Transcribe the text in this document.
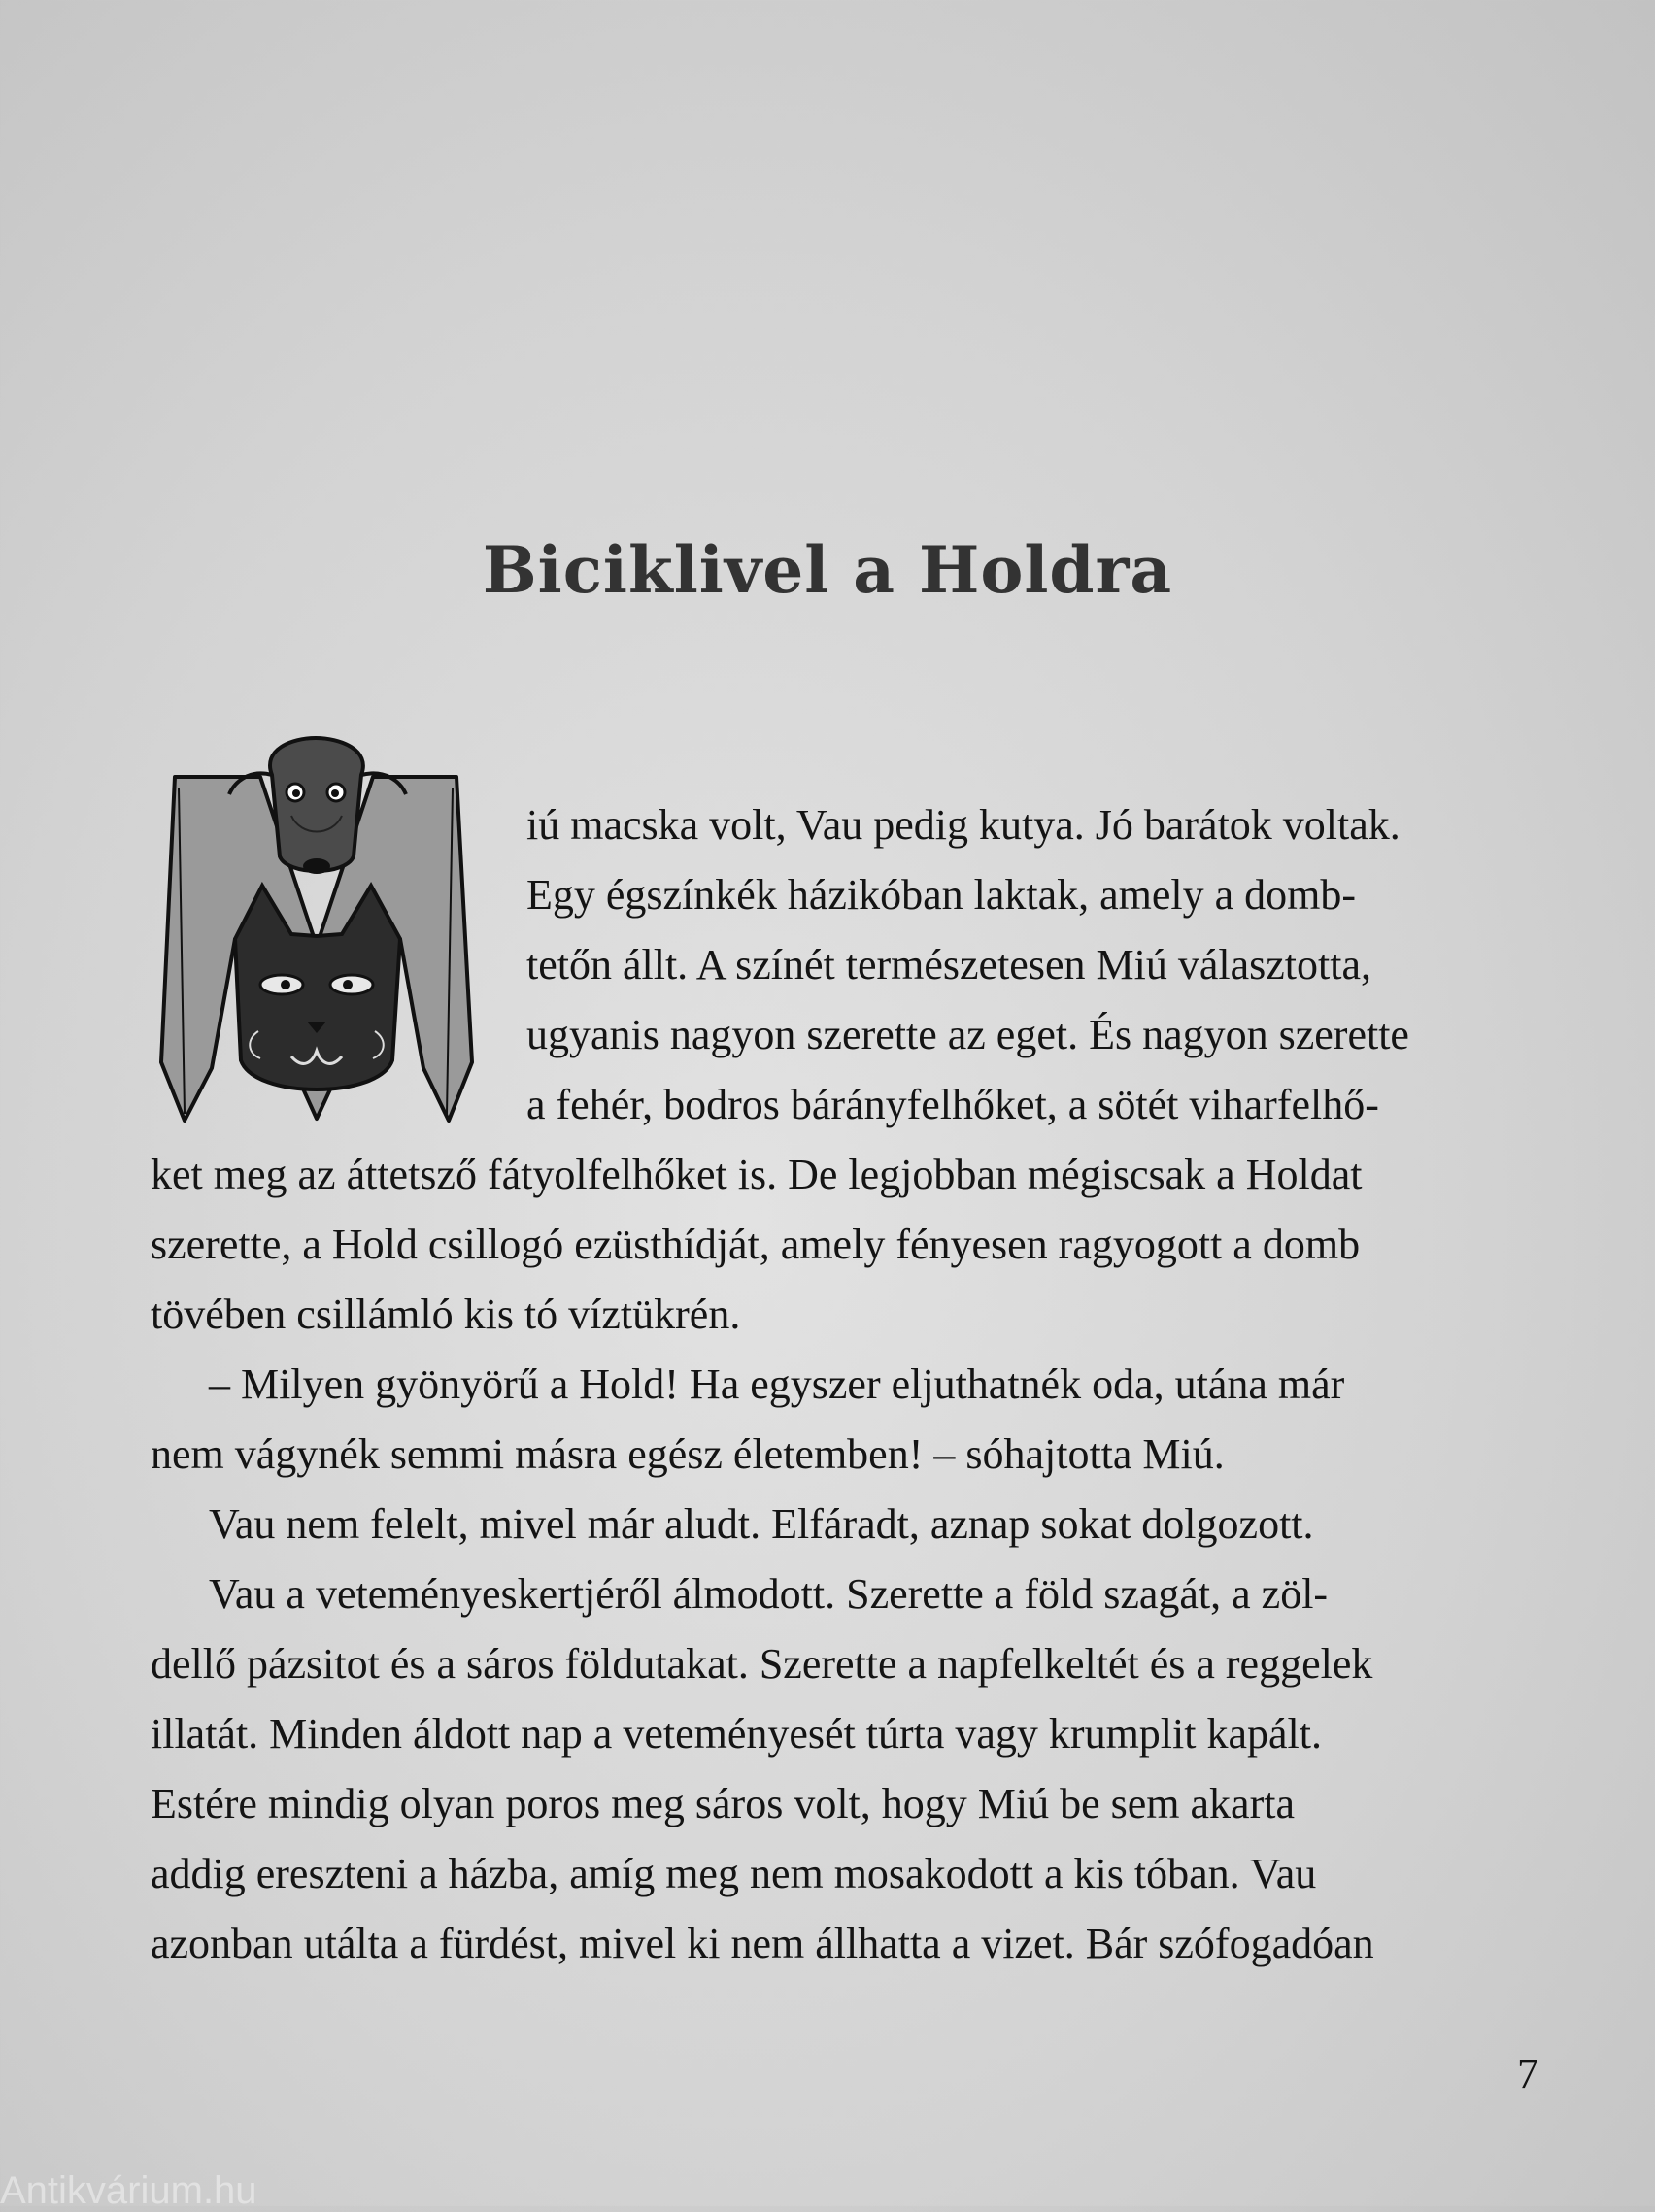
Biciklivel a Holdra
iú macska volt, Vau pedig kutya. Jó barátok voltak.
Egy égszínkék házikóban laktak, amely a domb-
tetőn állt. A színét természetesen Miú választotta,
ugyanis nagyon szerette az eget. És nagyon szerette
a fehér, bodros bárányfelhőket, a sötét viharfelhő-
ket meg az áttetsző fátyolfelhőket is. De legjobban mégiscsak a Holdat
szerette, a Hold csillogó ezüsthídját, amely fényesen ragyogott a domb
tövében csillámló kis tó víztükrén.
– Milyen gyönyörű a Hold! Ha egyszer eljuthatnék oda, utána már
nem vágynék semmi másra egész életemben! – sóhajtotta Miú.
Vau nem felelt, mivel már aludt. Elfáradt, aznap sokat dolgozott.
Vau a veteményeskertjéről álmodott. Szerette a föld szagát, a zöl-
dellő pázsitot és a sáros földutakat. Szerette a napfelkeltét és a reggelek
illatát. Minden áldott nap a veteményesét túrta vagy krumplit kapált.
Estére mindig olyan poros meg sáros volt, hogy Miú be sem akarta
addig ereszteni a házba, amíg meg nem mosakodott a kis tóban. Vau
azonban utálta a fürdést, mivel ki nem állhatta a vizet. Bár szófogadóan
7
Antikvárium.hu
